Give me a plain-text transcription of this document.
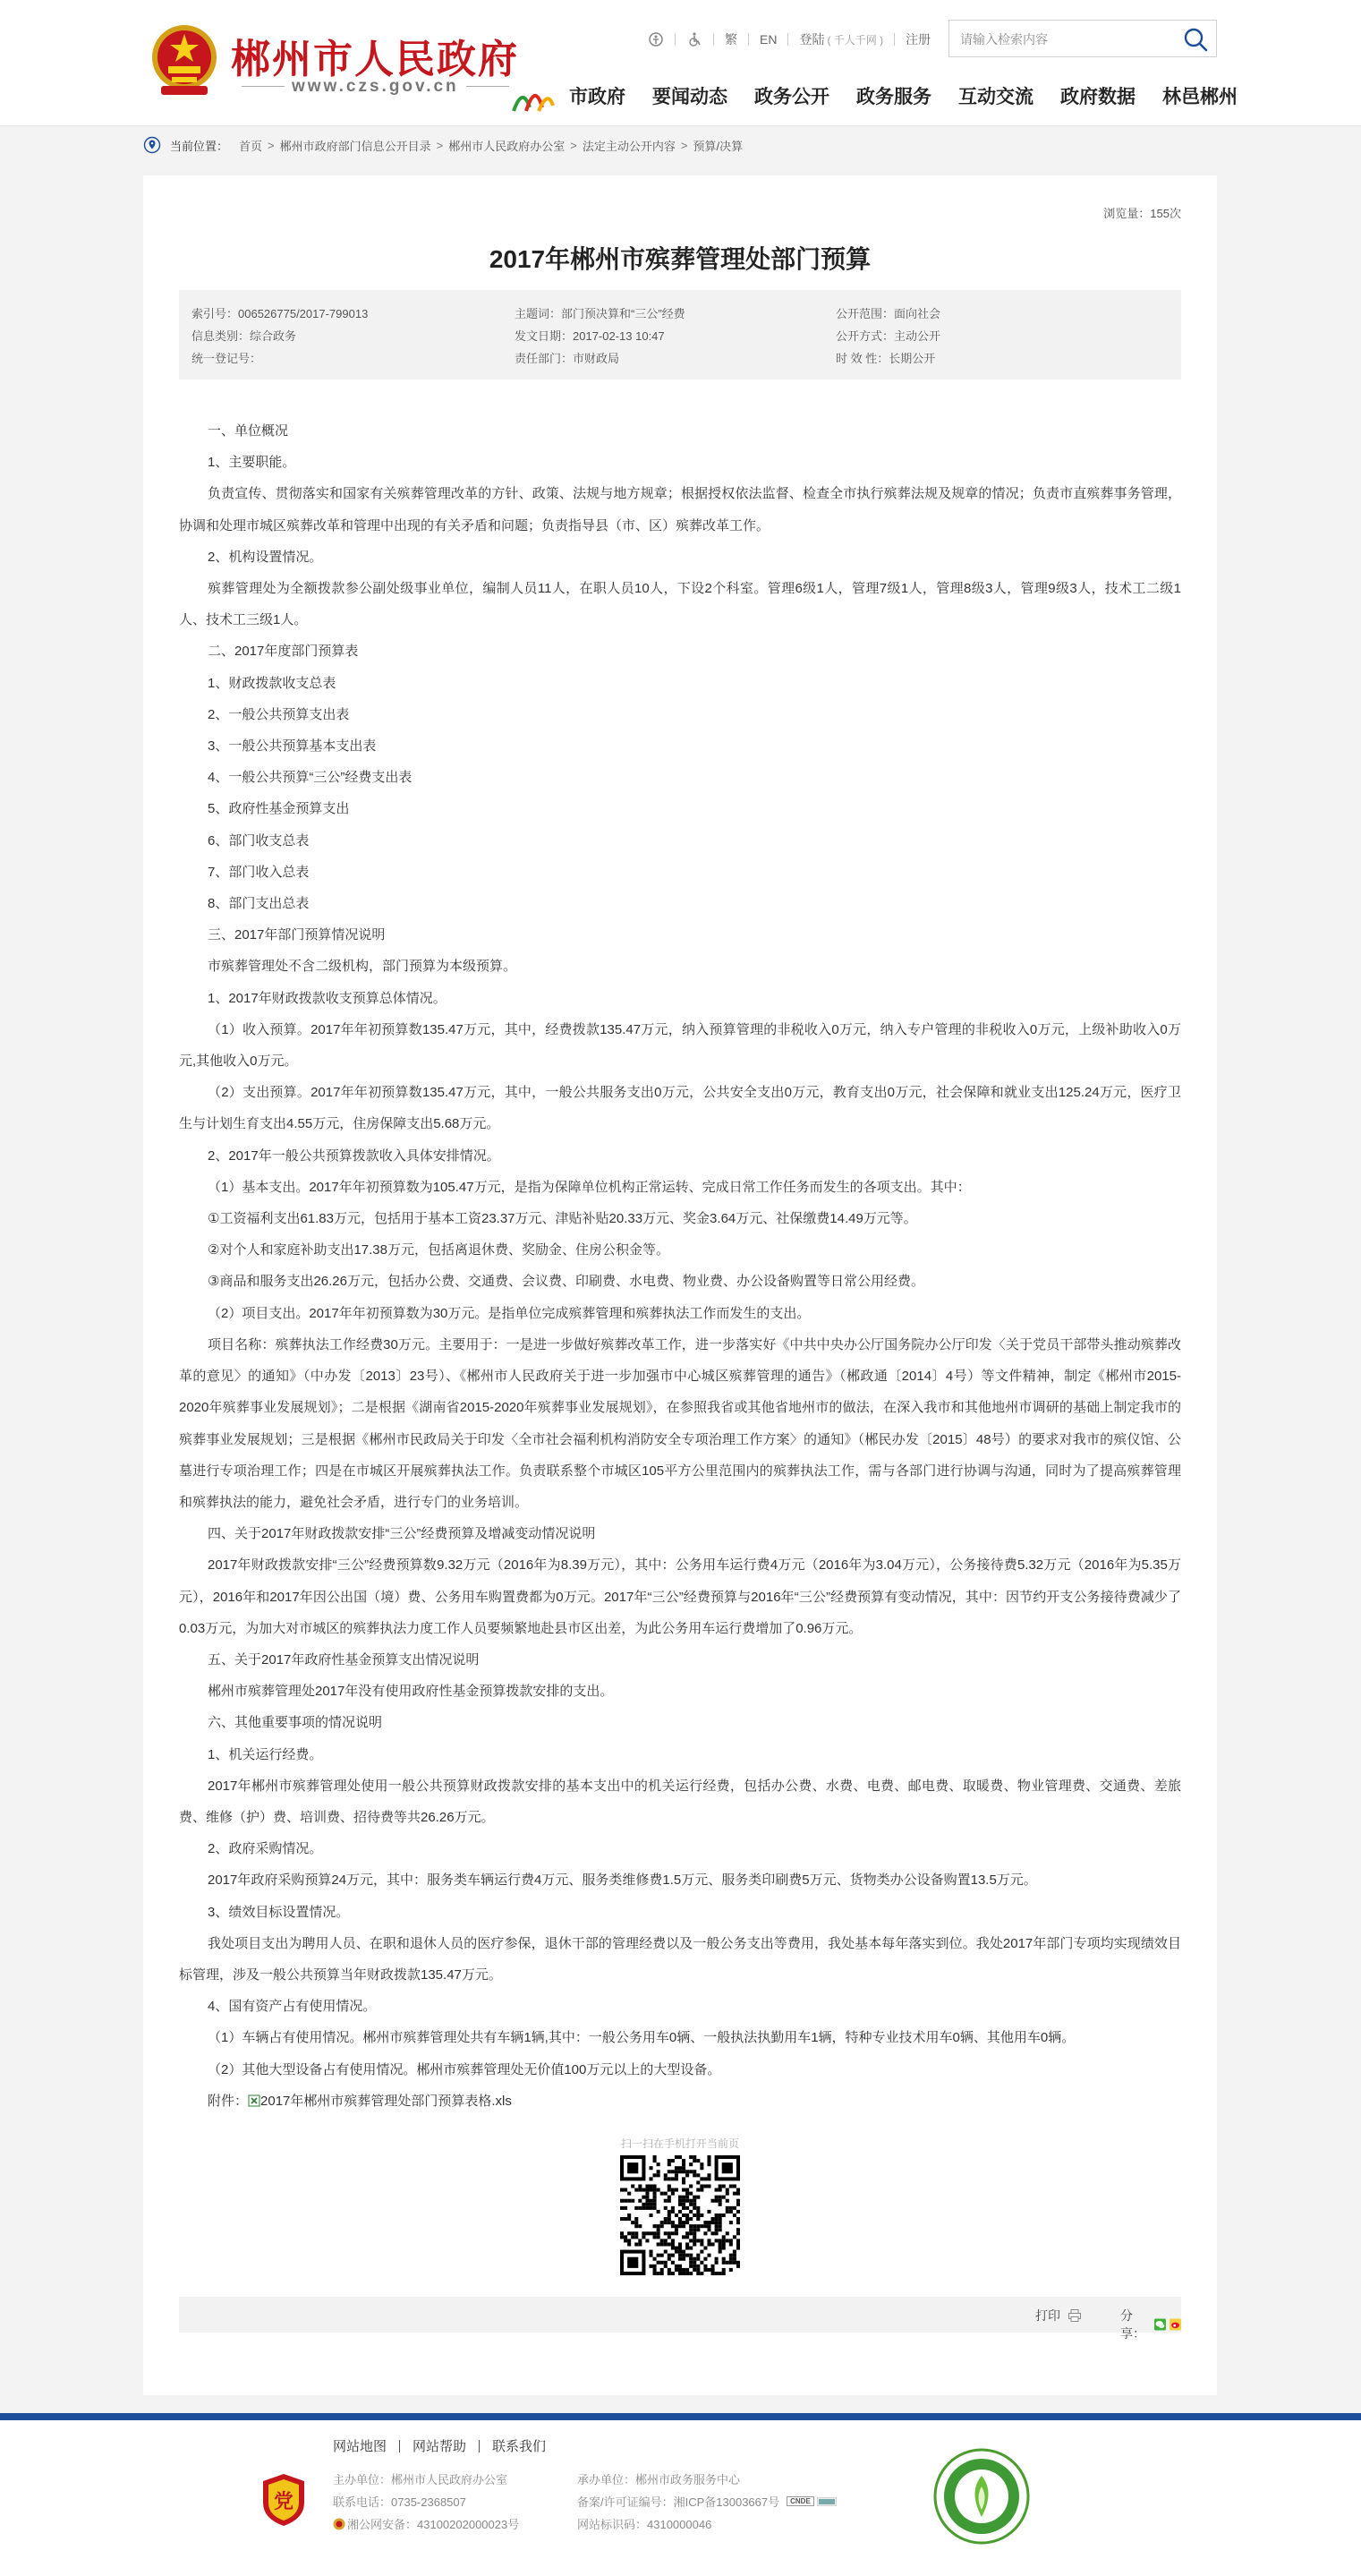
郴州市人民政府
www.czs.gov.cn
繁 EN 登陆 ( 千人千网 ) 注册
请输入检索内容
市政府 要闻动态 政务公开 政务服务 互动交流 政府数据 林邑郴州
当前位置： 首页 > 郴州市政府部门信息公开目录 > 郴州市人民政府办公室 > 法定主动公开内容 > 预算/决算
浏览量：155次
2017年郴州市殡葬管理处部门预算
索引号：006526775/2017-799013
信息类别：综合政务
统一登记号：
主题词：部门预决算和“三公”经费
发文日期：2017-02-13 10:47
责任部门：市财政局
公开范围：面向社会
公开方式：主动公开
时 效 性：长期公开

一、单位概况

1、主要职能。

负责宣传、贯彻落实和国家有关殡葬管理改革的方针、政策、法规与地方规章；根据授权依法监督、检查全市执行殡葬法规及规章的情况；负责市直殡葬事务管理，协调和处理市城区殡葬改革和管理中出现的有关矛盾和问题；负责指导县（市、区）殡葬改革工作。

2、机构设置情况。

殡葬管理处为全额拨款参公副处级事业单位，编制人员11人，在职人员10人，下设2个科室。管理6级1人，管理7级1人，管理8级3人，管理9级3人，技术工二级1人、技术工三级1人。

二、2017年度部门预算表

1、财政拨款收支总表

2、一般公共预算支出表

3、一般公共预算基本支出表

4、一般公共预算“三公”经费支出表

5、政府性基金预算支出

6、部门收支总表

7、部门收入总表

8、部门支出总表

三、2017年部门预算情况说明

市殡葬管理处不含二级机构，部门预算为本级预算。

1、2017年财政拨款收支预算总体情况。

（1）收入预算。2017年年初预算数135.47万元，其中，经费拨款135.47万元，纳入预算管理的非税收入0万元，纳入专户管理的非税收入0万元，上级补助收入0万元,其他收入0万元。

（2）支出预算。2017年年初预算数135.47万元，其中，一般公共服务支出0万元，公共安全支出0万元，教育支出0万元，社会保障和就业支出125.24万元，医疗卫生与计划生育支出4.55万元，住房保障支出5.68万元。

2、2017年一般公共预算拨款收入具体安排情况。

（1）基本支出。2017年年初预算数为105.47万元，是指为保障单位机构正常运转、完成日常工作任务而发生的各项支出。其中：

①工资福利支出61.83万元，包括用于基本工资23.37万元、津贴补贴20.33万元、奖金3.64万元、社保缴费14.49万元等。

②对个人和家庭补助支出17.38万元，包括离退休费、奖励金、住房公积金等。

③商品和服务支出26.26万元，包括办公费、交通费、会议费、印刷费、水电费、物业费、办公设备购置等日常公用经费。

（2）项目支出。2017年年初预算数为30万元。是指单位完成殡葬管理和殡葬执法工作而发生的支出。

项目名称：殡葬执法工作经费30万元。主要用于：一是进一步做好殡葬改革工作，进一步落实好《中共中央办公厅国务院办公厅印发〈关于党员干部带头推动殡葬改革的意见〉的通知》（中办发〔2013〕23号）、《郴州市人民政府关于进一步加强市中心城区殡葬管理的通告》（郴政通〔2014〕4号）等文件精神，制定《郴州市2015-2020年殡葬事业发展规划》；二是根据《湖南省2015-2020年殡葬事业发展规划》，在参照我省或其他省地州市的做法，在深入我市和其他地州市调研的基础上制定我市的殡葬事业发展规划；三是根据《郴州市民政局关于印发〈全市社会福利机构消防安全专项治理工作方案〉的通知》（郴民办发〔2015〕48号）的要求对我市的殡仪馆、公墓进行专项治理工作；四是在市城区开展殡葬执法工作。负责联系整个市城区105平方公里范围内的殡葬执法工作，需与各部门进行协调与沟通，同时为了提高殡葬管理和殡葬执法的能力，避免社会矛盾，进行专门的业务培训。

四、关于2017年财政拨款安排“三公”经费预算及增减变动情况说明

2017年财政拨款安排“三公”经费预算数9.32万元（2016年为8.39万元），其中：公务用车运行费4万元（2016年为3.04万元），公务接待费5.32万元（2016年为5.35万元），2016年和2017年因公出国（境）费、公务用车购置费都为0万元。2017年“三公”经费预算与2016年“三公”经费预算有变动情况，其中：因节约开支公务接待费减少了0.03万元，为加大对市城区的殡葬执法力度工作人员要频繁地赴县市区出差，为此公务用车运行费增加了0.96万元。

五、关于2017年政府性基金预算支出情况说明

郴州市殡葬管理处2017年没有使用政府性基金预算拨款安排的支出。

六、其他重要事项的情况说明

1、机关运行经费。

2017年郴州市殡葬管理处使用一般公共预算财政拨款安排的基本支出中的机关运行经费，包括办公费、水费、电费、邮电费、取暖费、物业管理费、交通费、差旅费、维修（护）费、培训费、招待费等共26.26万元。

2、政府采购情况。

2017年政府采购预算24万元，其中：服务类车辆运行费4万元、服务类维修费1.5万元、服务类印刷费5万元、货物类办公设备购置13.5万元。

3、绩效目标设置情况。

我处项目支出为聘用人员、在职和退休人员的医疗参保，退休干部的管理经费以及一般公务支出等费用，我处基本每年落实到位。我处2017年部门专项均实现绩效目标管理，涉及一般公共预算当年财政拨款135.47万元。

4、国有资产占有使用情况。

（1）车辆占有使用情况。郴州市殡葬管理处共有车辆1辆,其中：一般公务用车0辆、一般执法执勤用车1辆，特种专业技术用车0辆、其他用车0辆。

（2）其他大型设备占有使用情况。郴州市殡葬管理处无价值100万元以上的大型设备。

附件： 2017年郴州市殡葬管理处部门预算表格.xls

扫一扫在手机打开当前页
打印	分享：
网站地图 网站帮助 联系我们
党
主办单位：郴州市人民政府办公室
联系电话：0735-2368507
湘公网安备：43100202000023号
承办单位：郴州市政务服务中心
备案/许可证编号：湘ICP备13003667号	CNDE
网站标识码：4310000046
